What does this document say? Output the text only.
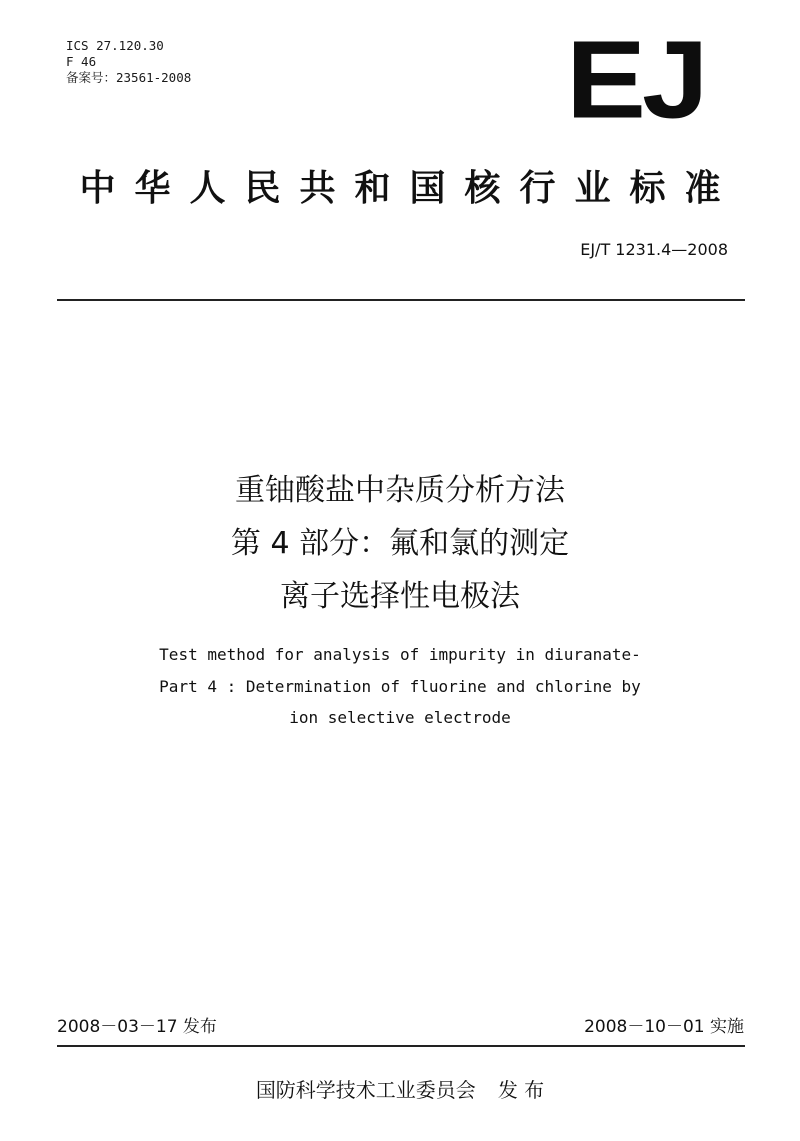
ICS 27.120.30
F 46
备案号：23561-2008	EJ
中华人民共和国核行业标准
EJ/T 1231.4—2008
重铀酸盐中杂质分析方法
第 4 部分：氟和氯的测定
离子选择性电极法
Test method for analysis of impurity in diuranate-
Part 4 : Determination of fluorine and chlorine by
ion selective electrode
2008－03－17 发布	2008－10－01 实施
国防科学技术工业委员会 发 布
